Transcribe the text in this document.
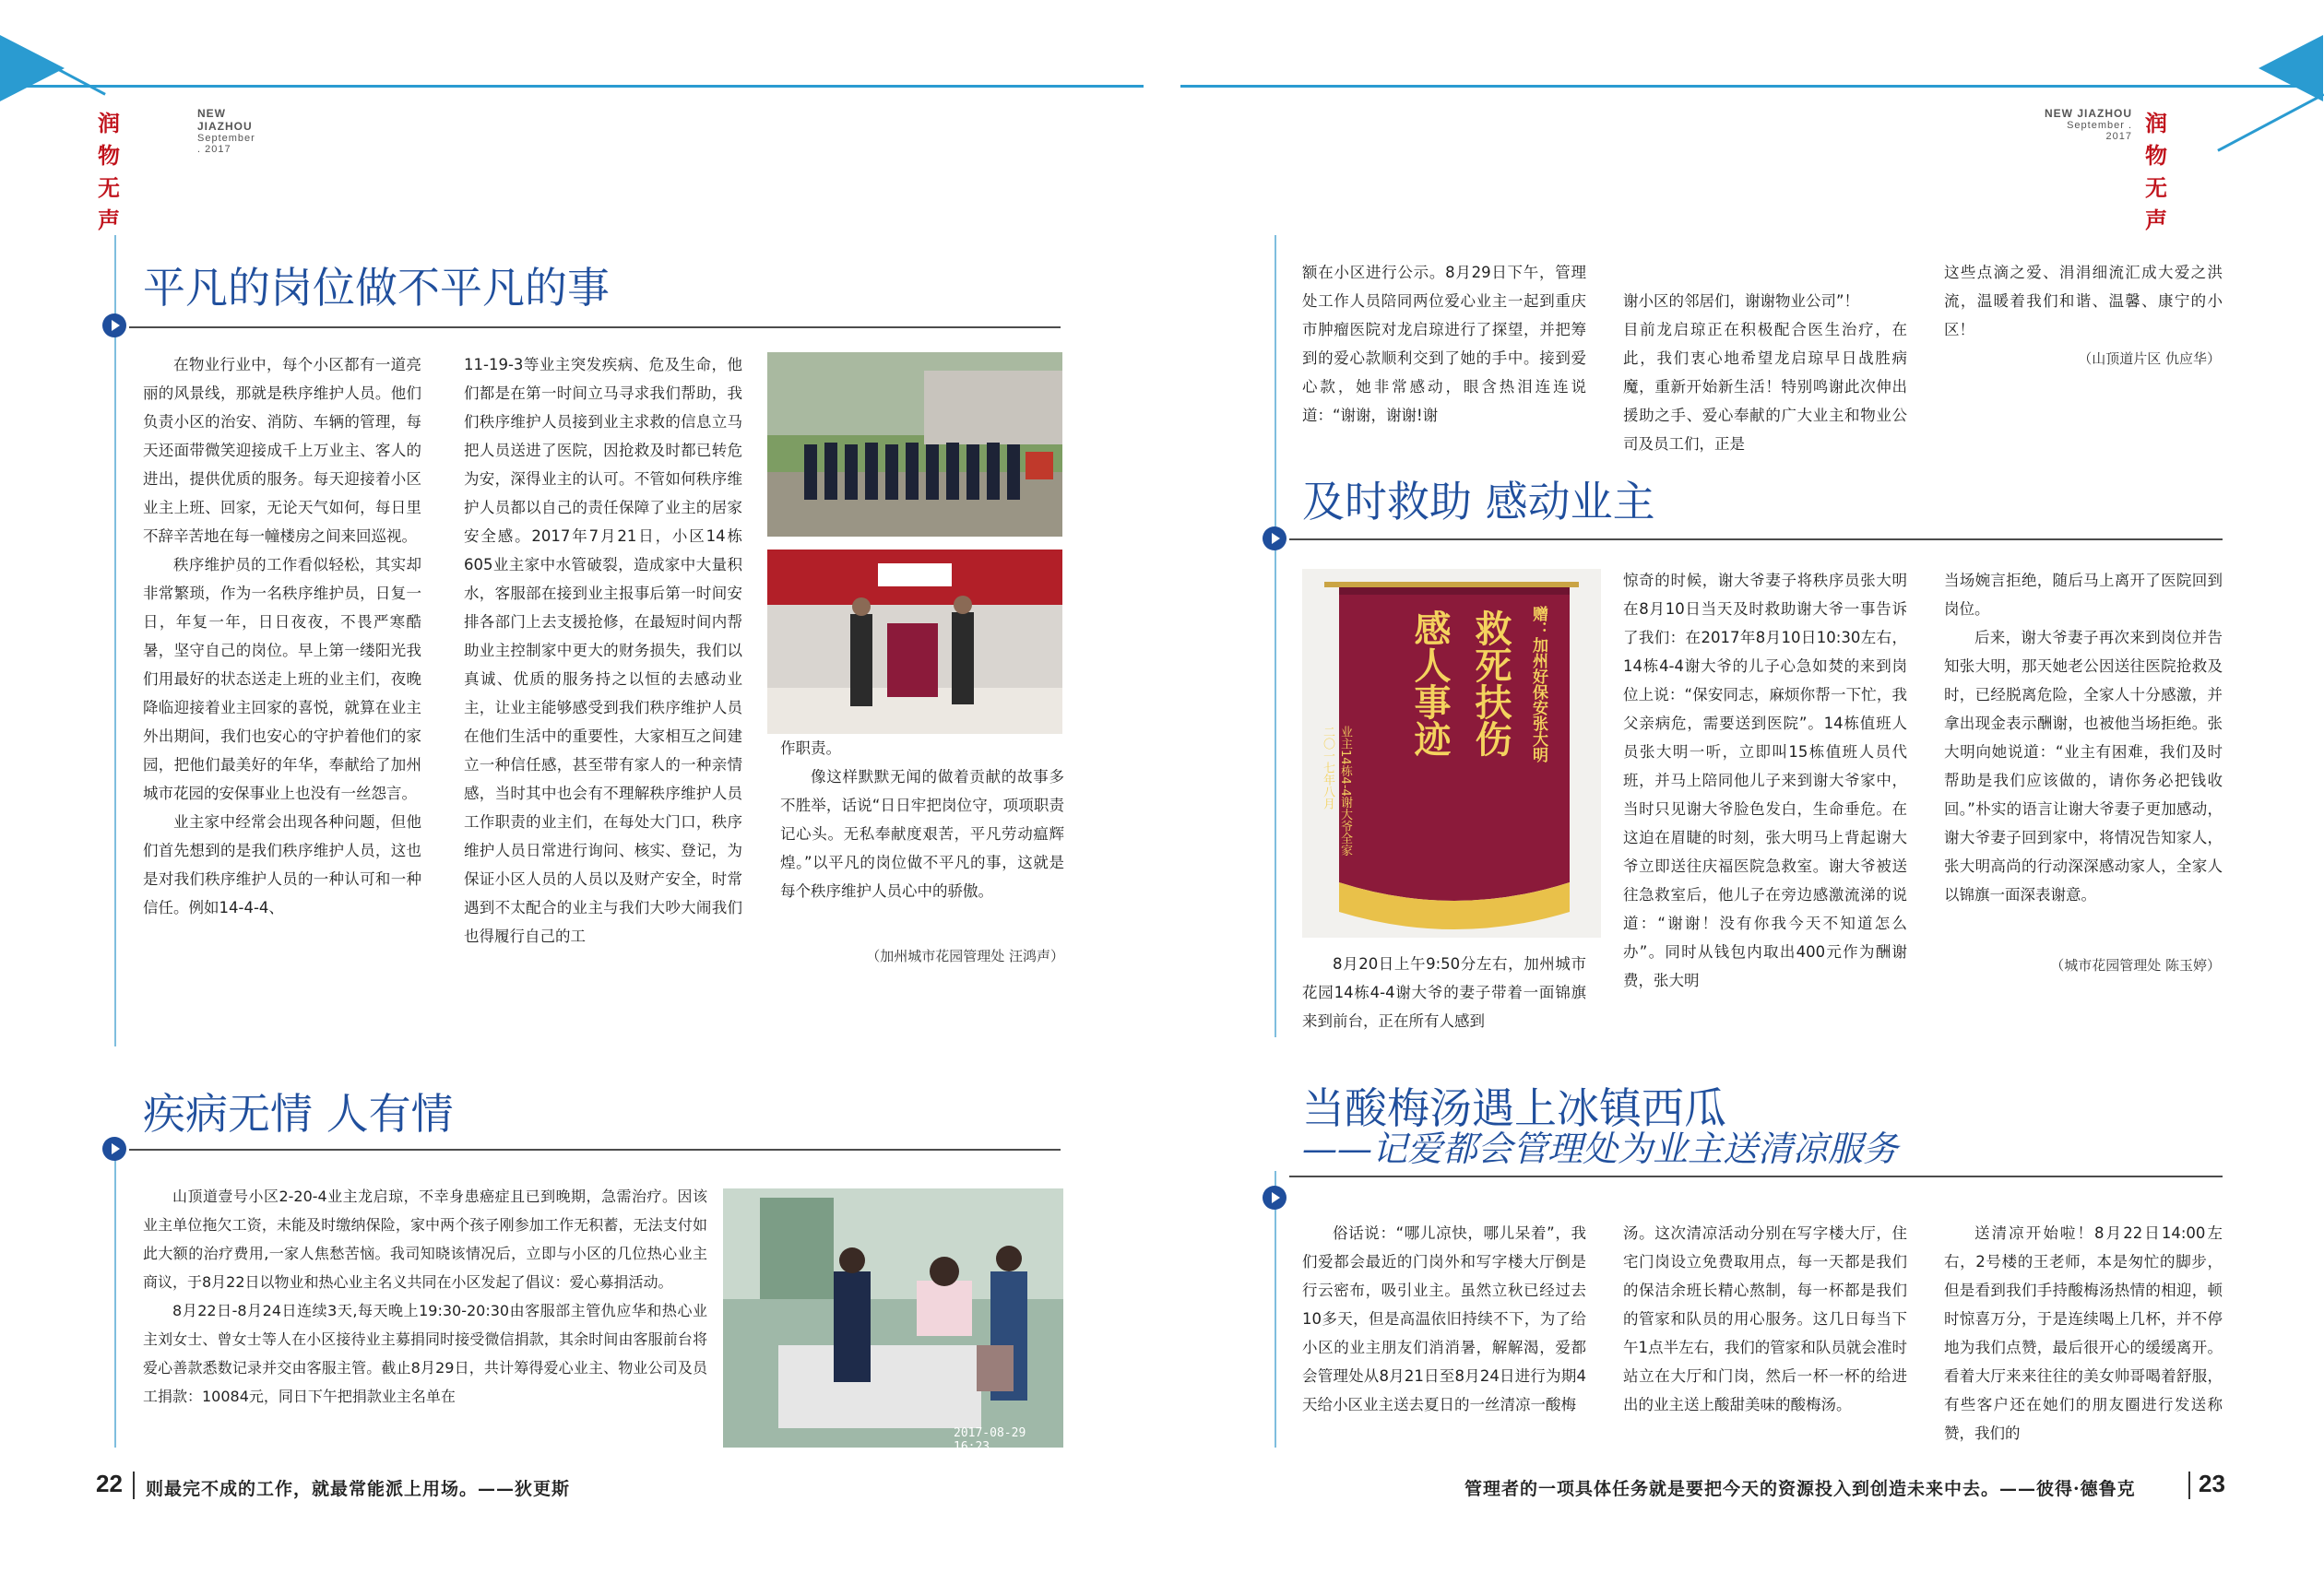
润物无声
NEW JIAZHOU
September . 2017
润物无声
NEW JIAZHOU
September . 2017
平凡的岗位做不平凡的事

在物业行业中，每个小区都有一道亮丽的风景线，那就是秩序维护人员。他们负责小区的治安、消防、车辆的管理，每天还面带微笑迎接成千上万业主、客人的进出，提供优质的服务。每天迎接着小区业主上班、回家，无论天气如何，每日里不辞辛苦地在每一幢楼房之间来回巡视。

秩序维护员的工作看似轻松，其实却非常繁琐，作为一名秩序维护员，日复一日，年复一年，日日夜夜，不畏严寒酷暑，坚守自己的岗位。早上第一缕阳光我们用最好的状态送走上班的业主们，夜晚降临迎接着业主回家的喜悦，就算在业主外出期间，我们也安心的守护着他们的家园，把他们最美好的年华，奉献给了加州城市花园的安保事业上也没有一丝怨言。

业主家中经常会出现各种问题，但他们首先想到的是我们秩序维护人员，这也是对我们秩序维护人员的一种认可和一种信任。例如14-4-4、

11-19-3等业主突发疾病、危及生命，他们都是在第一时间立马寻求我们帮助，我们秩序维护人员接到业主求救的信息立马把人员送进了医院，因抢救及时都已转危为安，深得业主的认可。不管如何秩序维护人员都以自己的责任保障了业主的居家安全感。2017年7月21日，小区14栋605业主家中水管破裂，造成家中大量积水，客服部在接到业主报事后第一时间安排各部门上去支援抢修，在最短时间内帮助业主控制家中更大的财务损失，我们以真诚、优质的服务持之以恒的去感动业主，让业主能够感受到我们秩序维护人员在他们生活中的重要性，大家相互之间建立一种信任感，甚至带有家人的一种亲情感，当时其中也会有不理解秩序维护人员工作职责的业主们，在每处大门口，秩序维护人员日常进行询问、核实、登记，为保证小区人员的人员以及财产安全，时常遇到不太配合的业主与我们大吵大闹我们也得履行自己的工

作职责。

像这样默默无闻的做着贡献的故事多不胜举，话说“日日牢把岗位守，项项职责记心头。无私奉献度艰苦，平凡劳动瘟辉煌。”以平凡的岗位做不平凡的事，这就是每个秩序维护人员心中的骄傲。

（加州城市花园管理处 汪鸿声）
疾病无情 人有情

山顶道壹号小区2-20-4业主龙启琼，不幸身患癌症且已到晚期，急需治疗。因该业主单位拖欠工资，未能及时缴纳保险，家中两个孩子刚参加工作无积蓄，无法支付如此大额的治疗费用,一家人焦愁苦恼。我司知晓该情况后，立即与小区的几位热心业主商议，于8月22日以物业和热心业主名义共同在小区发起了倡议：爱心募捐活动。

8月22日-8月24日连续3天,每天晚上19:30-20:30由客服部主管仇应华和热心业主刘女士、曾女士等人在小区接待业主募捐同时接受微信捐款，其余时间由客服前台将爱心善款悉数记录并交由客服主管。截止8月29日，共计筹得爱心业主、物业公司及员工捐款：10084元，同日下午把捐款业主名单在

2017-08-29 16:23
22 则最完不成的工作，就最常能派上用场。——狄更斯

额在小区进行公示。8月29日下午，管理处工作人员陪同两位爱心业主一起到重庆市肿瘤医院对龙启琼进行了探望，并把筹到的爱心款顺利交到了她的手中。接到爱心款，她非常感动，眼含热泪连连说道：“谢谢，谢谢!谢

谢小区的邻居们，谢谢物业公司”！
目前龙启琼正在积极配合医生治疗，在此，我们衷心地希望龙启琼早日战胜病魔，重新开始新生活！特别鸣谢此次伸出援助之手、爱心奉献的广大业主和物业公司及员工们，正是

这些点滴之爱、涓涓细流汇成大爱之洪流，温暖着我们和谐、温馨、康宁的小区！

（山顶道片区 仇应华）
及时救助 感动业主
救死扶伤
感人事迹	赠：加州好保安张大明
业主14栋4-4谢大爷全家 二〇一七年八月

8月20日上午9:50分左右，加州城市花园14栋4-4谢大爷的妻子带着一面锦旗来到前台，正在所有人感到

惊奇的时候，谢大爷妻子将秩序员张大明在8月10日当天及时救助谢大爷一事告诉了我们：在2017年8月10日10:30左右，14栋4-4谢大爷的儿子心急如焚的来到岗位上说：“保安同志，麻烦你帮一下忙，我父亲病危，需要送到医院”。14栋值班人员张大明一听，立即叫15栋值班人员代班，并马上陪同他儿子来到谢大爷家中，当时只见谢大爷脸色发白，生命垂危。在这迫在眉睫的时刻，张大明马上背起谢大爷立即送往庆福医院急救室。谢大爷被送往急救室后，他儿子在旁边感激流涕的说道：“谢谢！没有你我今天不知道怎么办”。同时从钱包内取出400元作为酬谢费，张大明

当场婉言拒绝，随后马上离开了医院回到岗位。

后来，谢大爷妻子再次来到岗位并告知张大明，那天她老公因送往医院抢救及时，已经脱离危险，全家人十分感激，并拿出现金表示酬谢，也被他当场拒绝。张大明向她说道：“业主有困难，我们及时帮助是我们应该做的，请你务必把钱收回。”朴实的语言让谢大爷妻子更加感动，谢大爷妻子回到家中，将情况告知家人，张大明高尚的行动深深感动家人，全家人以锦旗一面深表谢意。

（城市花园管理处 陈玉婷）
当酸梅汤遇上冰镇西瓜
——记爱都会管理处为业主送清凉服务

俗话说：“哪儿凉快，哪儿呆着”，我们爱都会最近的门岗外和写字楼大厅倒是行云密布，吸引业主。虽然立秋已经过去10多天，但是高温依旧持续不下，为了给小区的业主朋友们消消暑，解解渴，爱都会管理处从8月21日至8月24日进行为期4天给小区业主送去夏日的一丝清凉一酸梅

汤。这次清凉活动分别在写字楼大厅，住宅门岗设立免费取用点，每一天都是我们的保洁余班长精心熬制，每一杯都是我们的管家和队员的用心服务。这几日每当下午1点半左右，我们的管家和队员就会准时站立在大厅和门岗，然后一杯一杯的给进出的业主送上酸甜美味的酸梅汤。

送清凉开始啦！8月22日14:00左右，2号楼的王老师，本是匆忙的脚步，但是看到我们手持酸梅汤热情的相迎，顿时惊喜万分，于是连续喝上几杯，并不停地为我们点赞，最后很开心的缓缓离开。看着大厅来来往往的美女帅哥喝着舒服，有些客户还在她们的朋友圈进行发送称赞，我们的

管理者的一项具体任务就是要把今天的资源投入到创造未来中去。——彼得·德鲁克	23
